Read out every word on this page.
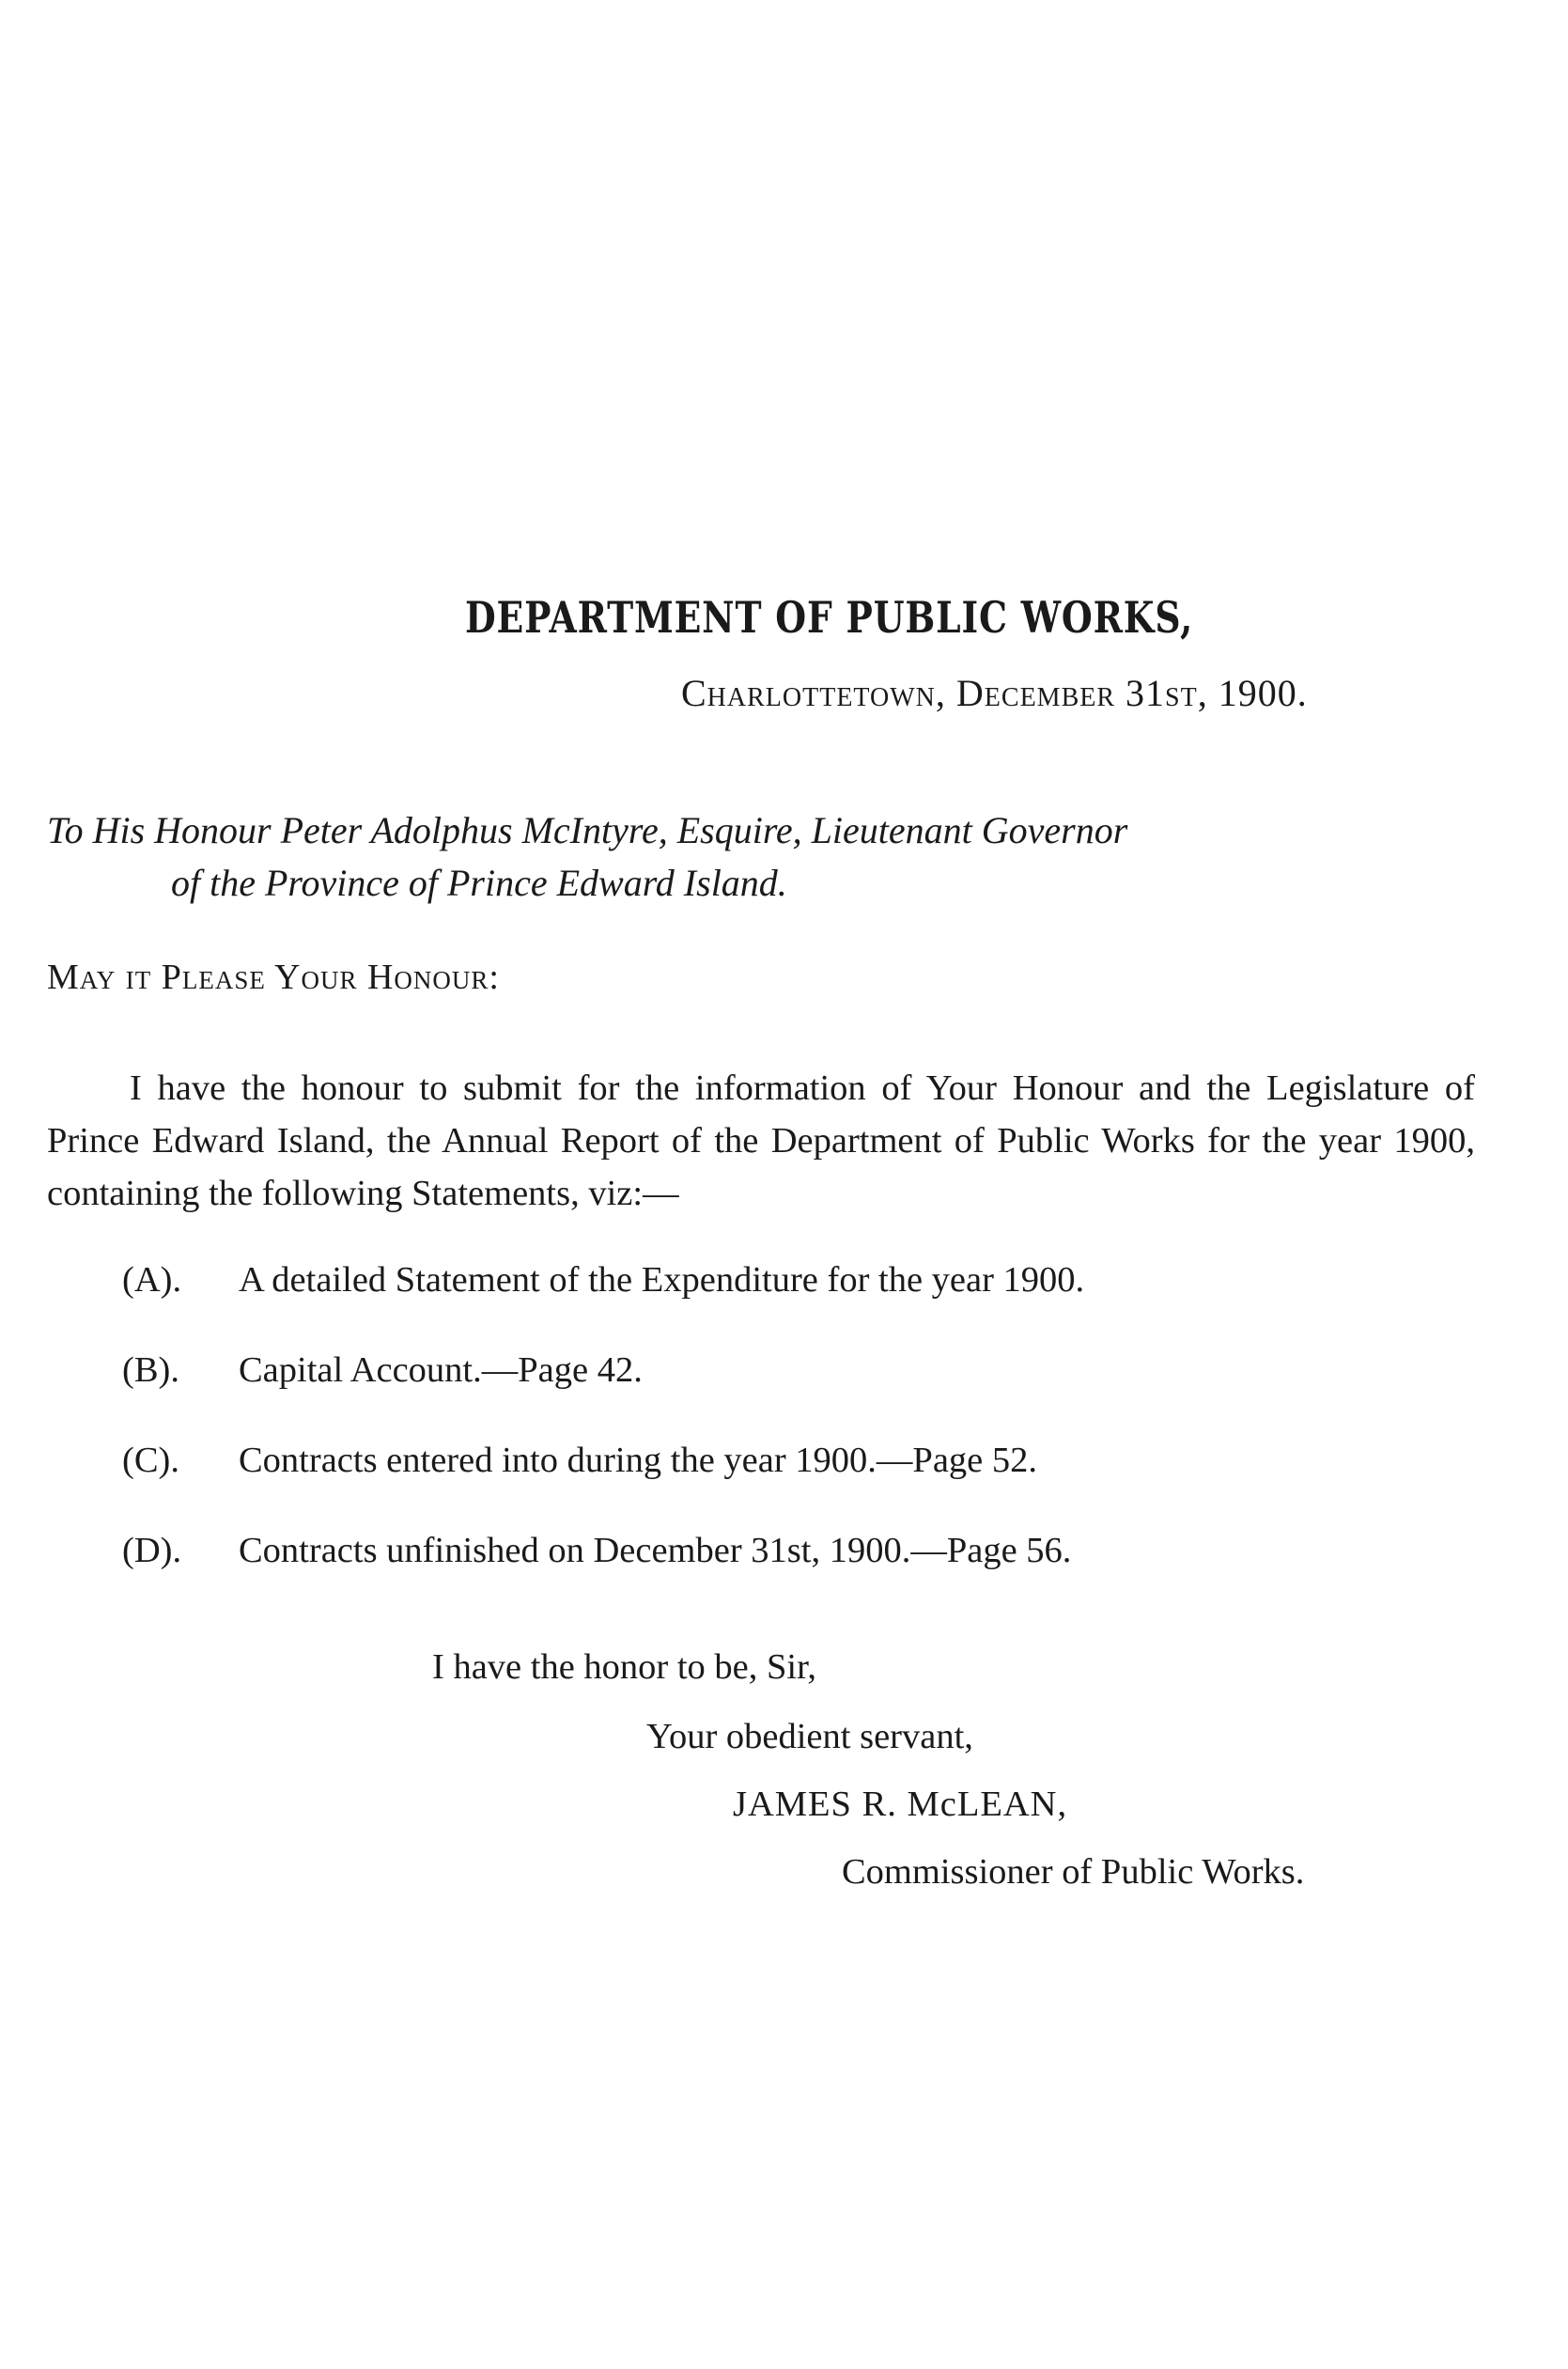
DEPARTMENT OF PUBLIC WORKS,
Charlottetown, December 31st, 1900.
To His Honour Peter Adolphus McIntyre, Esquire, Lieutenant Governor
of the Province of Prince Edward Island.
May it Please Your Honour:

I have the honour to submit for the information of Your Honour and the Legislature of Prince Edward Island, the Annual Report of the Department of Public Works for the year 1900, containing the following Statements, viz:—

(A).	A detailed Statement of the Expenditure for the year 1900.
(B).	Capital Account.—Page 42.
(C).	Contracts entered into during the year 1900.—Page 52.
(D).	Contracts unfinished on December 31st, 1900.—Page 56.
I have the honor to be, Sir,
Your obedient servant,
JAMES R. McLEAN,
Commissioner of Public Works.
